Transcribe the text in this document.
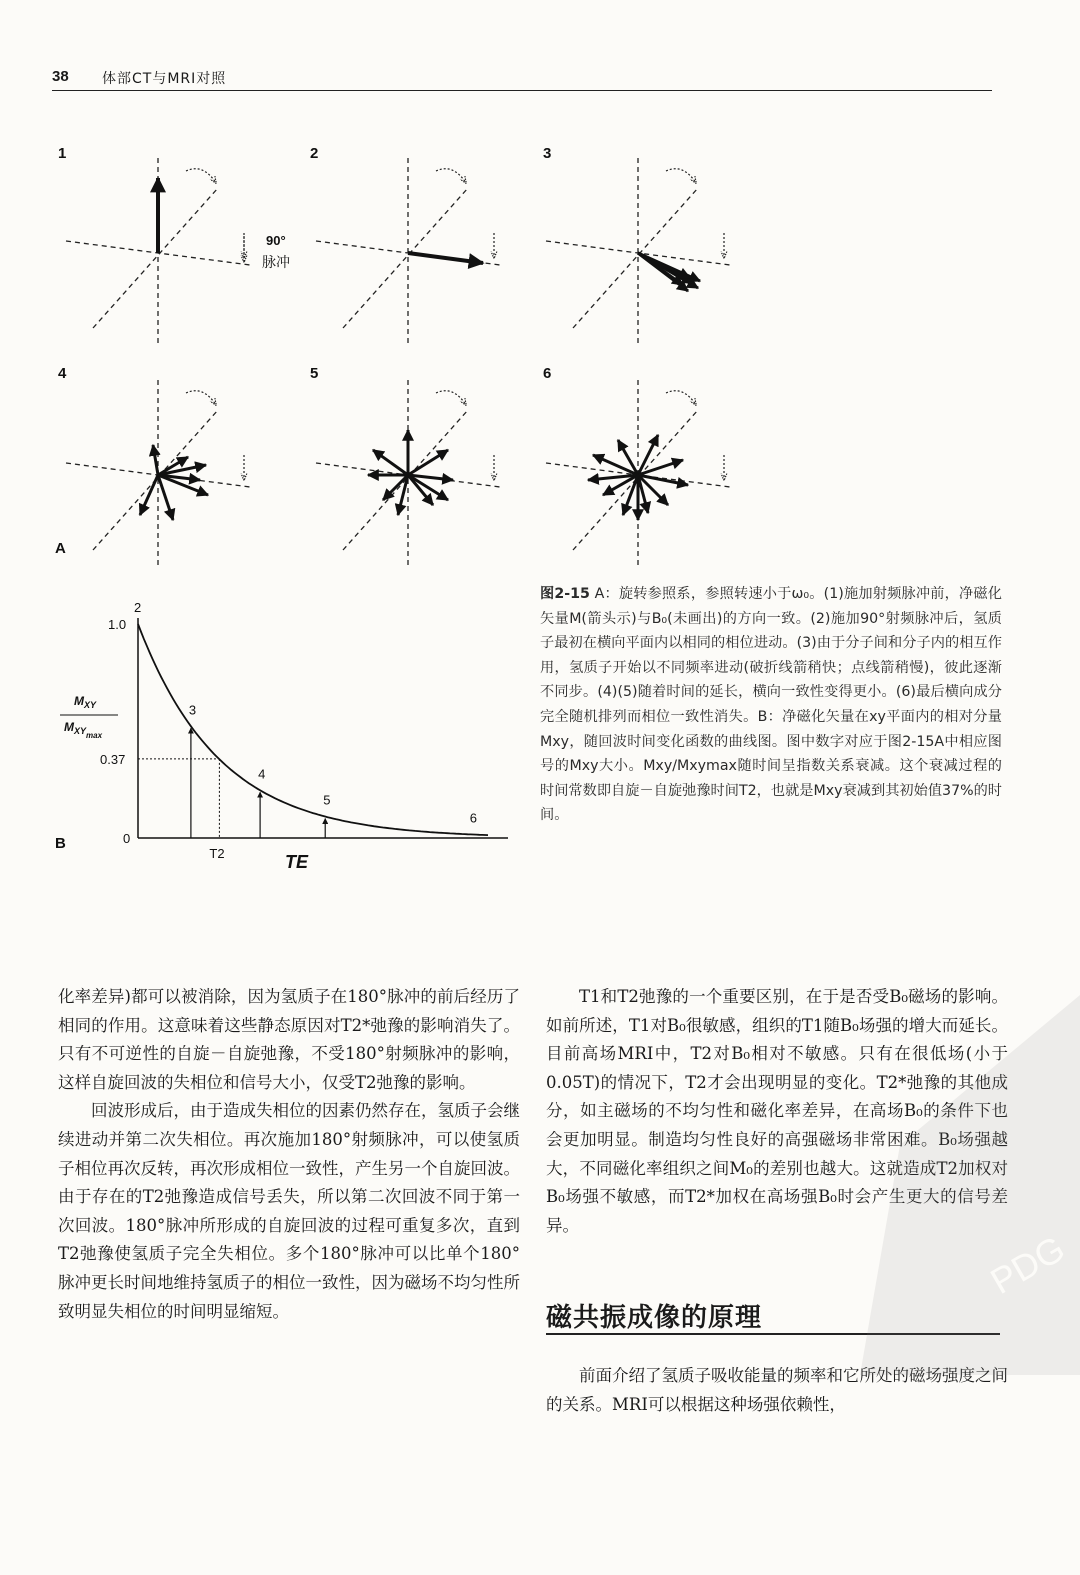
38 体部CT与MRI对照
1	2	3
4	5	6
90°
脉冲
A
2
3
4
5
6
1.0
0.37
0
T2	TE
B
$M_{XY}$
$M_{XYmax}$
图2-15 A：旋转参照系，参照转速小于ω₀。(1)施加射频脉冲前，净磁化矢量M(箭头示)与B₀(未画出)的方向一致。(2)施加90°射频脉冲后，氢质子最初在横向平面内以相同的相位进动。(3)由于分子间和分子内的相互作用，氢质子开始以不同频率进动(破折线箭稍快；点线箭稍慢)，彼此逐渐不同步。(4)(5)随着时间的延长，横向一致性变得更小。(6)最后横向成分完全随机排列而相位一致性消失。B：净磁化矢量在xy平面内的相对分量Mxy，随回波时间变化函数的曲线图。图中数字对应于图2-15A中相应图号的Mxy大小。Mxy/Mxymax随时间呈指数关系衰减。这个衰减过程的时间常数即自旋－自旋弛豫时间T2，也就是Mxy衰减到其初始值37%的时间。

化率差异)都可以被消除，因为氢质子在180°脉冲的前后经历了相同的作用。这意味着这些静态原因对T2*弛豫的影响消失了。只有不可逆性的自旋－自旋弛豫，不受180°射频脉冲的影响，这样自旋回波的失相位和信号大小，仅受T2弛豫的影响。

回波形成后，由于造成失相位的因素仍然存在，氢质子会继续进动并第二次失相位。再次施加180°射频脉冲，可以使氢质子相位再次反转，再次形成相位一致性，产生另一个自旋回波。由于存在的T2弛豫造成信号丢失，所以第二次回波不同于第一次回波。180°脉冲所形成的自旋回波的过程可重复多次，直到T2弛豫使氢质子完全失相位。多个180°脉冲可以比单个180°脉冲更长时间地维持氢质子的相位一致性，因为磁场不均匀性所致明显失相位的时间明显缩短。

T1和T2弛豫的一个重要区别，在于是否受B₀磁场的影响。如前所述，T1对B₀很敏感，组织的T1随B₀场强的增大而延长。目前高场MRI中，T2对B₀相对不敏感。只有在很低场(小于0.05T)的情况下，T2才会出现明显的变化。T2*弛豫的其他成分，如主磁场的不均匀性和磁化率差异，在高场B₀的条件下也会更加明显。制造均匀性良好的高强磁场非常困难。B₀场强越大，不同磁化率组织之间M₀的差别也越大。这就造成T2加权对B₀场强不敏感，而T2*加权在高场强B₀时会产生更大的信号差异。

磁共振成像的原理

前面介绍了氢质子吸收能量的频率和它所处的磁场强度之间的关系。MRI可以根据这种场强依赖性，

PDG
